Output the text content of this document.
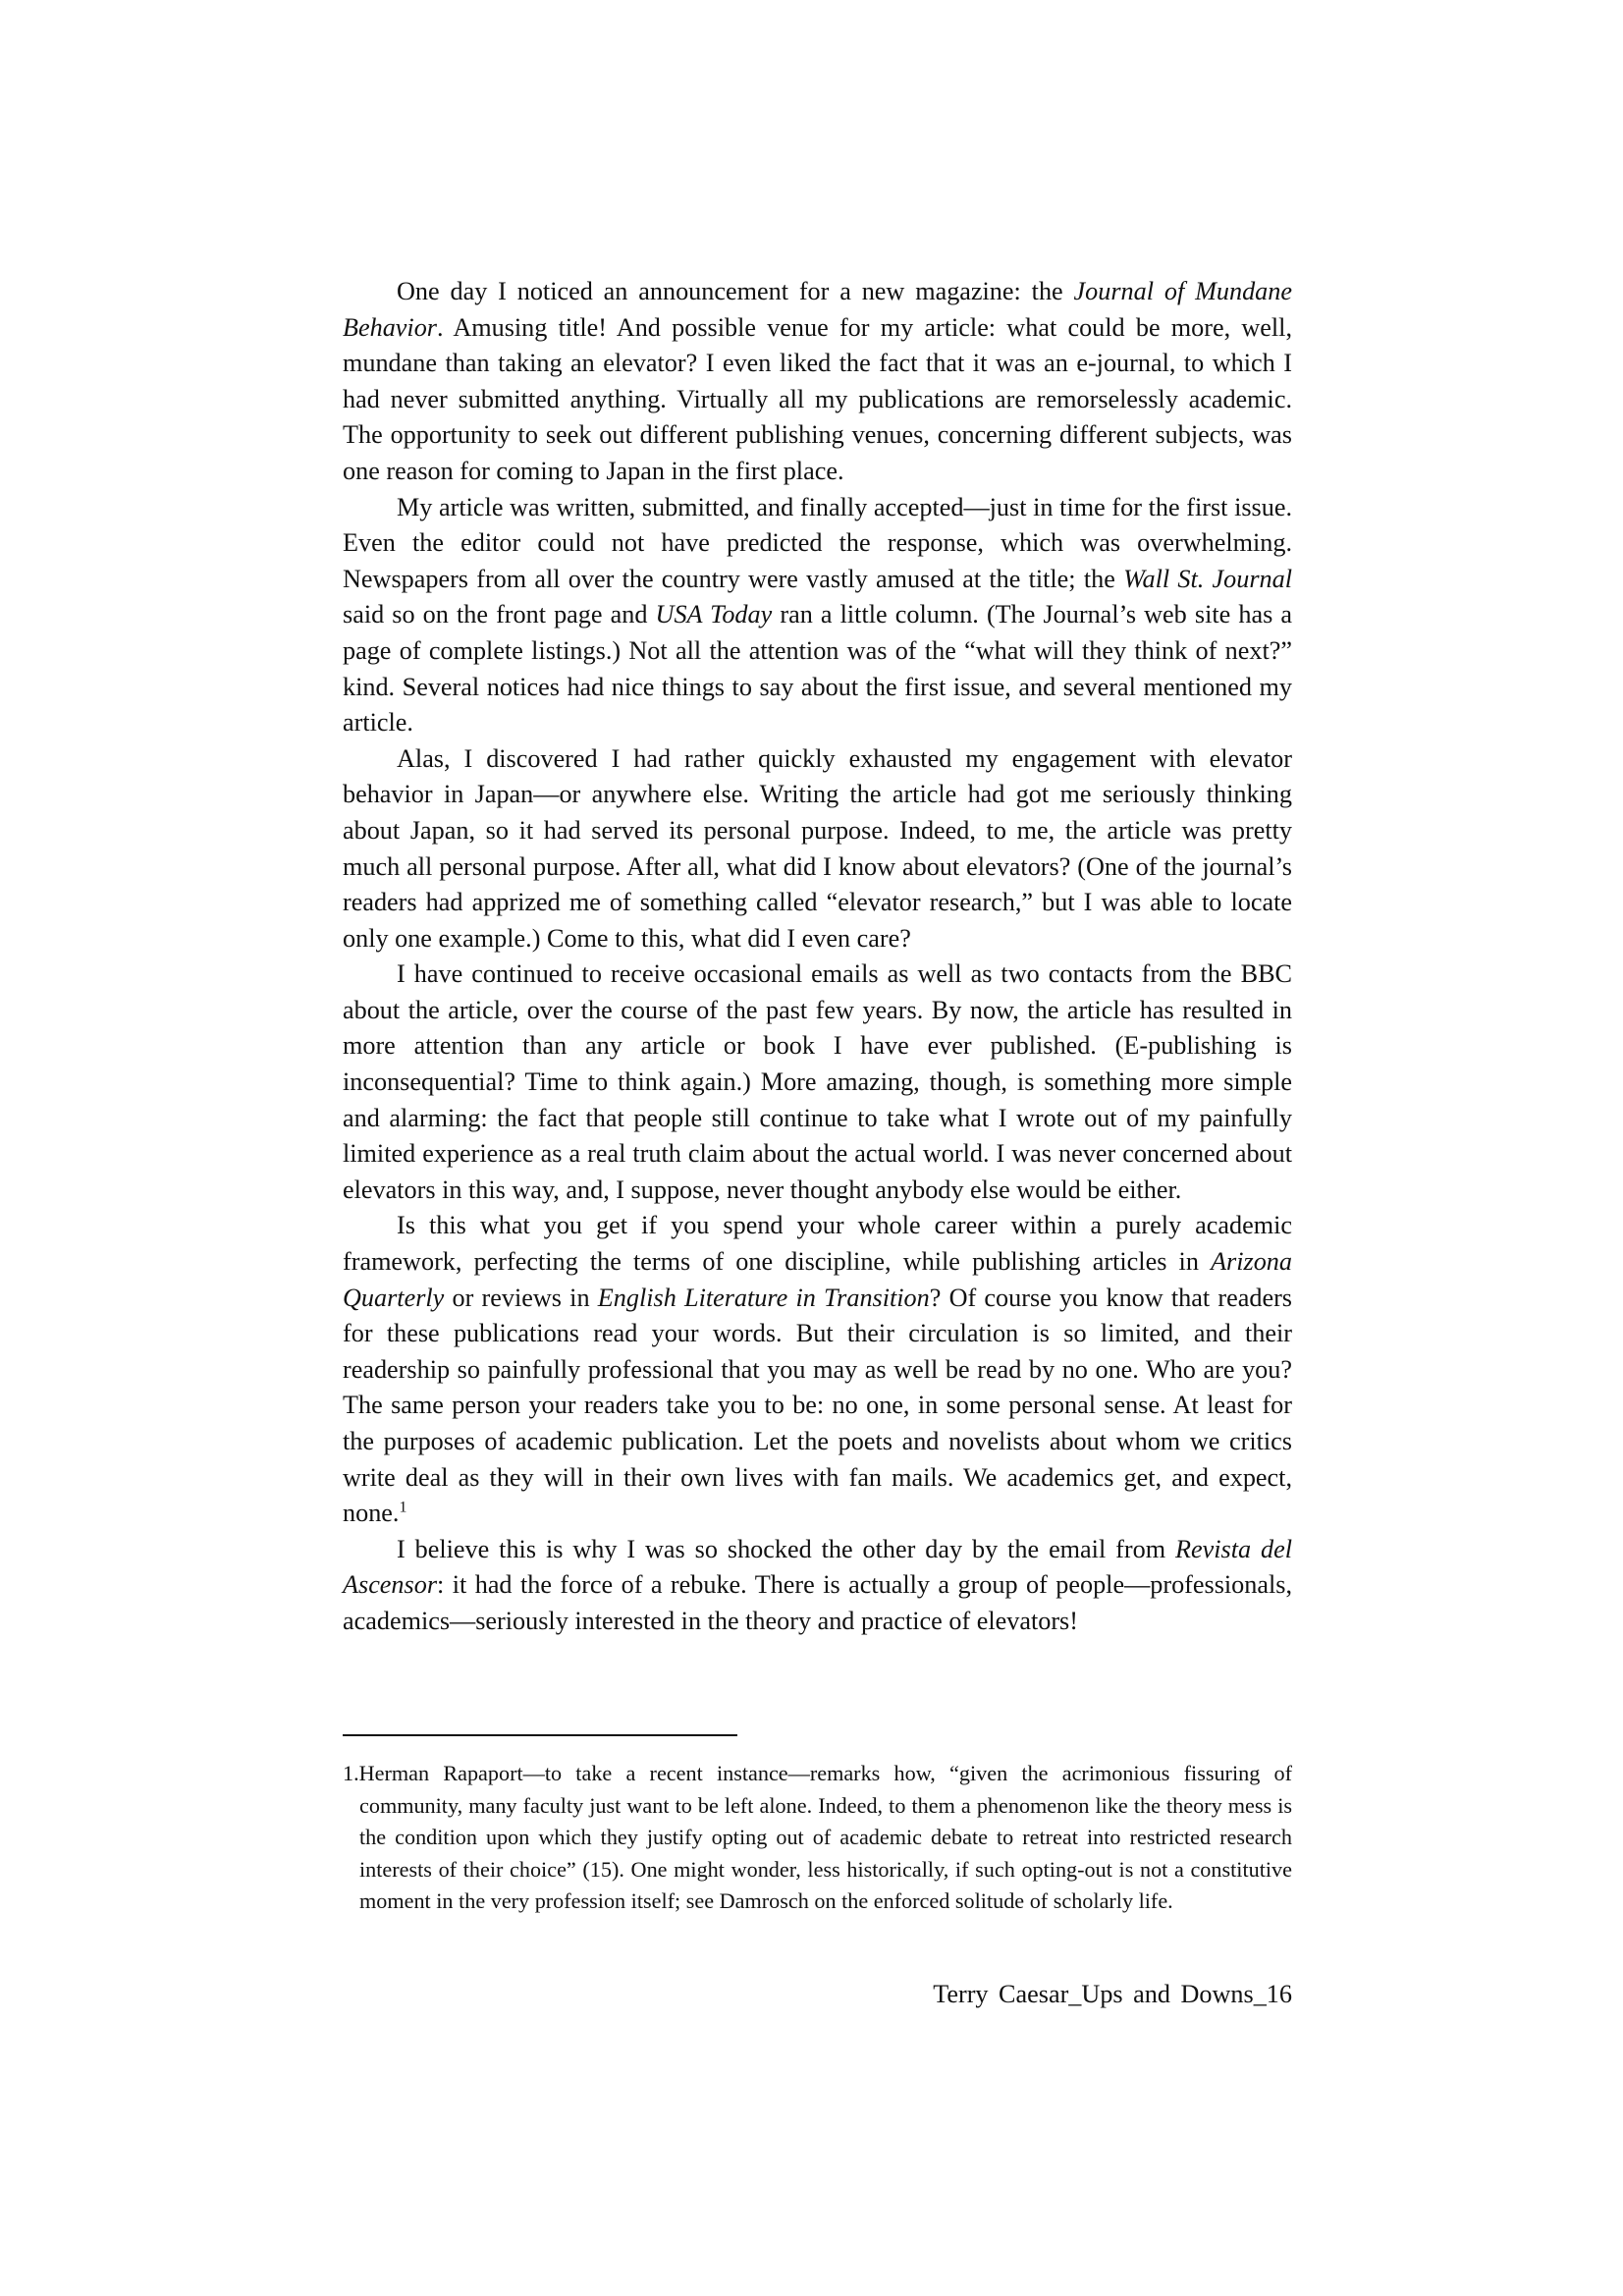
One day I noticed an announcement for a new magazine: the Journal of Mundane Behavior. Amusing title! And possible venue for my article: what could be more, well, mundane than taking an elevator? I even liked the fact that it was an e-journal, to which I had never submitted anything. Virtually all my publications are remorselessly academic. The opportunity to seek out different publishing venues, concerning different subjects, was one reason for coming to Japan in the first place.

My article was written, submitted, and finally accepted—just in time for the first issue. Even the editor could not have predicted the response, which was overwhelming. Newspapers from all over the country were vastly amused at the title; the Wall St. Journal said so on the front page and USA Today ran a little column. (The Journal’s web site has a page of complete listings.) Not all the attention was of the “what will they think of next?” kind. Several notices had nice things to say about the first issue, and several mentioned my article.

Alas, I discovered I had rather quickly exhausted my engagement with elevator behavior in Japan—or anywhere else. Writing the article had got me seriously thinking about Japan, so it had served its personal purpose. Indeed, to me, the article was pretty much all personal purpose. After all, what did I know about elevators? (One of the journal’s readers had apprized me of something called “elevator research,” but I was able to locate only one example.) Come to this, what did I even care?

I have continued to receive occasional emails as well as two contacts from the BBC about the article, over the course of the past few years. By now, the article has resulted in more attention than any article or book I have ever published. (E-publishing is inconsequential? Time to think again.) More amazing, though, is something more simple and alarming: the fact that people still continue to take what I wrote out of my painfully limited experience as a real truth claim about the actual world. I was never concerned about elevators in this way, and, I suppose, never thought anybody else would be either.

Is this what you get if you spend your whole career within a purely academic framework, perfecting the terms of one discipline, while publishing articles in Arizona Quarterly or reviews in English Literature in Transition? Of course you know that readers for these publications read your words. But their circulation is so limited, and their readership so painfully professional that you may as well be read by no one. Who are you? The same person your readers take you to be: no one, in some personal sense. At least for the purposes of academic publication. Let the poets and novelists about whom we critics write deal as they will in their own lives with fan mails. We academics get, and expect, none.$^1$

I believe this is why I was so shocked the other day by the email from Revista del Ascensor: it had the force of a rebuke. There is actually a group of people—professionals, academics—seriously interested in the theory and practice of elevators!

1.Herman Rapaport—to take a recent instance—remarks how, “given the acrimonious fissuring of community, many faculty just want to be left alone. Indeed, to them a phenomenon like the theory mess is the condition upon which they justify opting out of academic debate to retreat into restricted research interests of their choice” (15). One might wonder, less historically, if such opting-out is not a constitutive moment in the very profession itself; see Damrosch on the enforced solitude of scholarly life.

Terry Caesar_Ups and Downs_16
